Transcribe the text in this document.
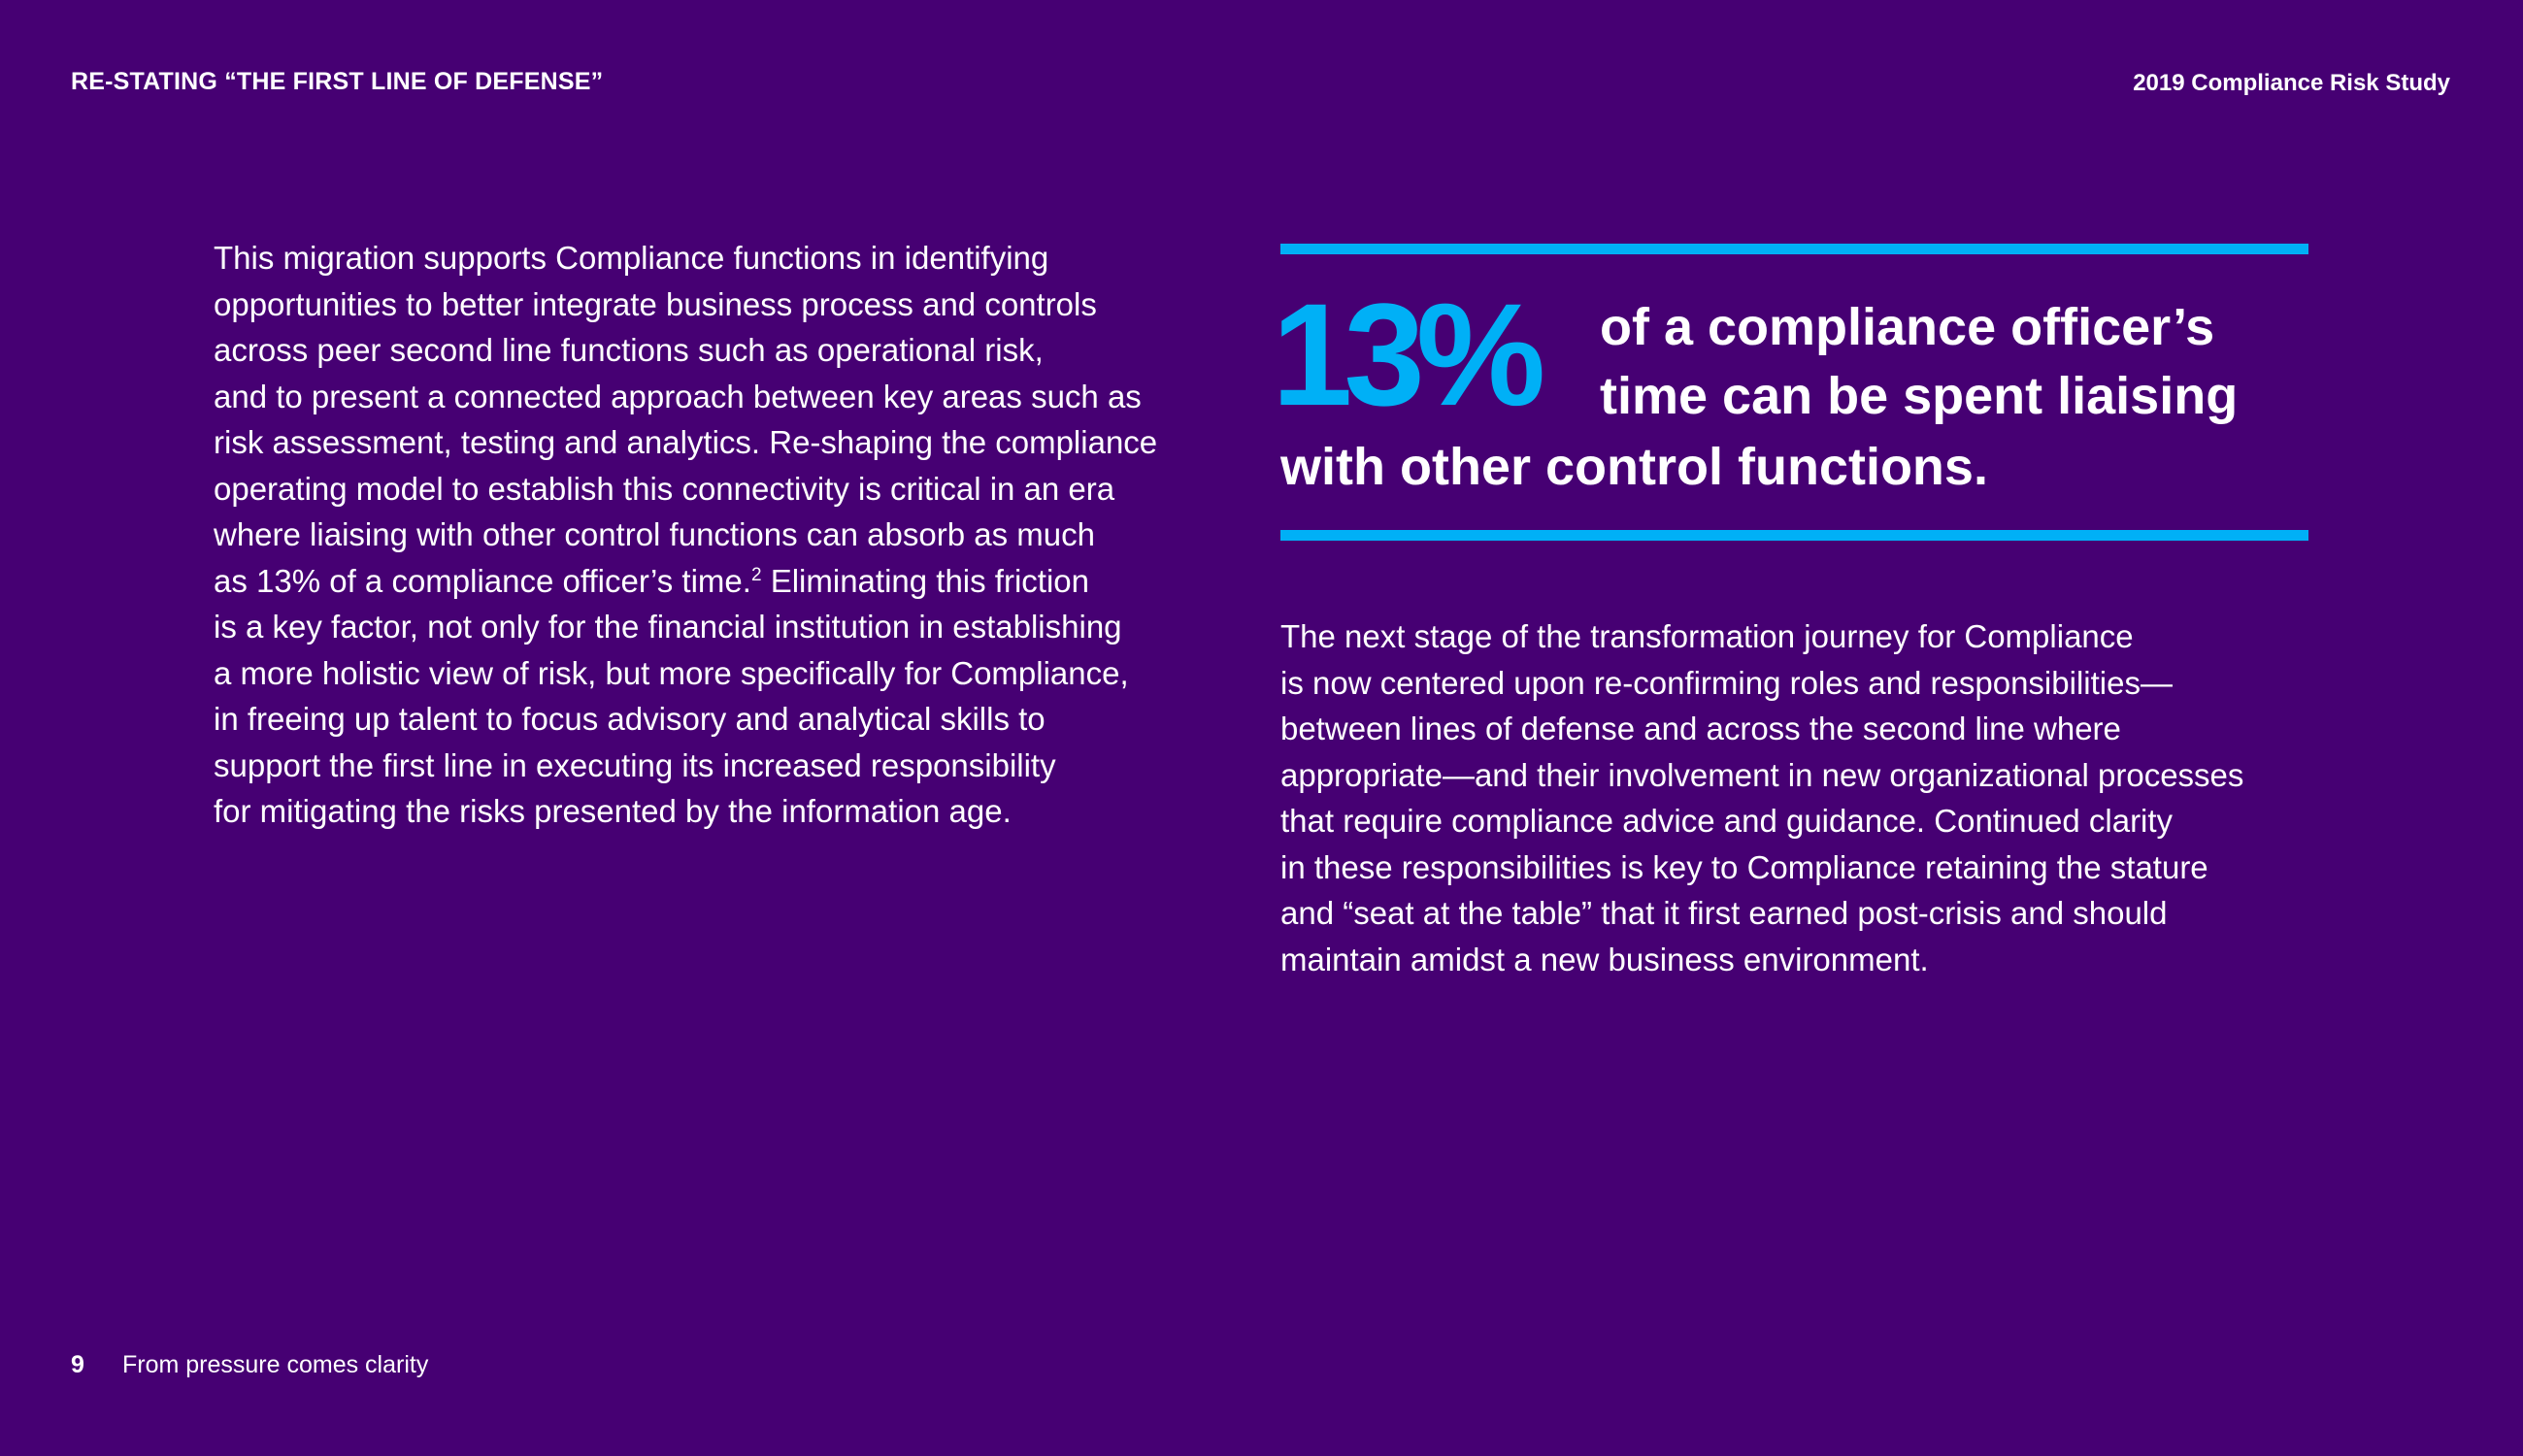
RE-STATING “THE FIRST LINE OF DEFENSE”	2019 Compliance Risk Study
This migration supports Compliance functions in identifying
opportunities to better integrate business process and controls
across peer second line functions such as operational risk,
and to present a connected approach between key areas such as
risk assessment, testing and analytics. Re-shaping the compliance
operating model to establish this connectivity is critical in an era
where liaising with other control functions can absorb as much
as 13% of a compliance officer’s time.$^2$ Eliminating this friction
is a key factor, not only for the financial institution in establishing
a more holistic view of risk, but more specifically for Compliance,
in freeing up talent to focus advisory and analytical skills to
support the first line in executing its increased responsibility
for mitigating the risks presented by the information age.
13% of a compliance officer’s
time can be spent liaising
with other control functions.
The next stage of the transformation journey for Compliance
is now centered upon re-confirming roles and responsibilities—
between lines of defense and across the second line where
appropriate—and their involvement in new organizational processes
that require compliance advice and guidance. Continued clarity
in these responsibilities is key to Compliance retaining the stature
and “seat at the table” that it first earned post-crisis and should
maintain amidst a new business environment.
9 From pressure comes clarity
